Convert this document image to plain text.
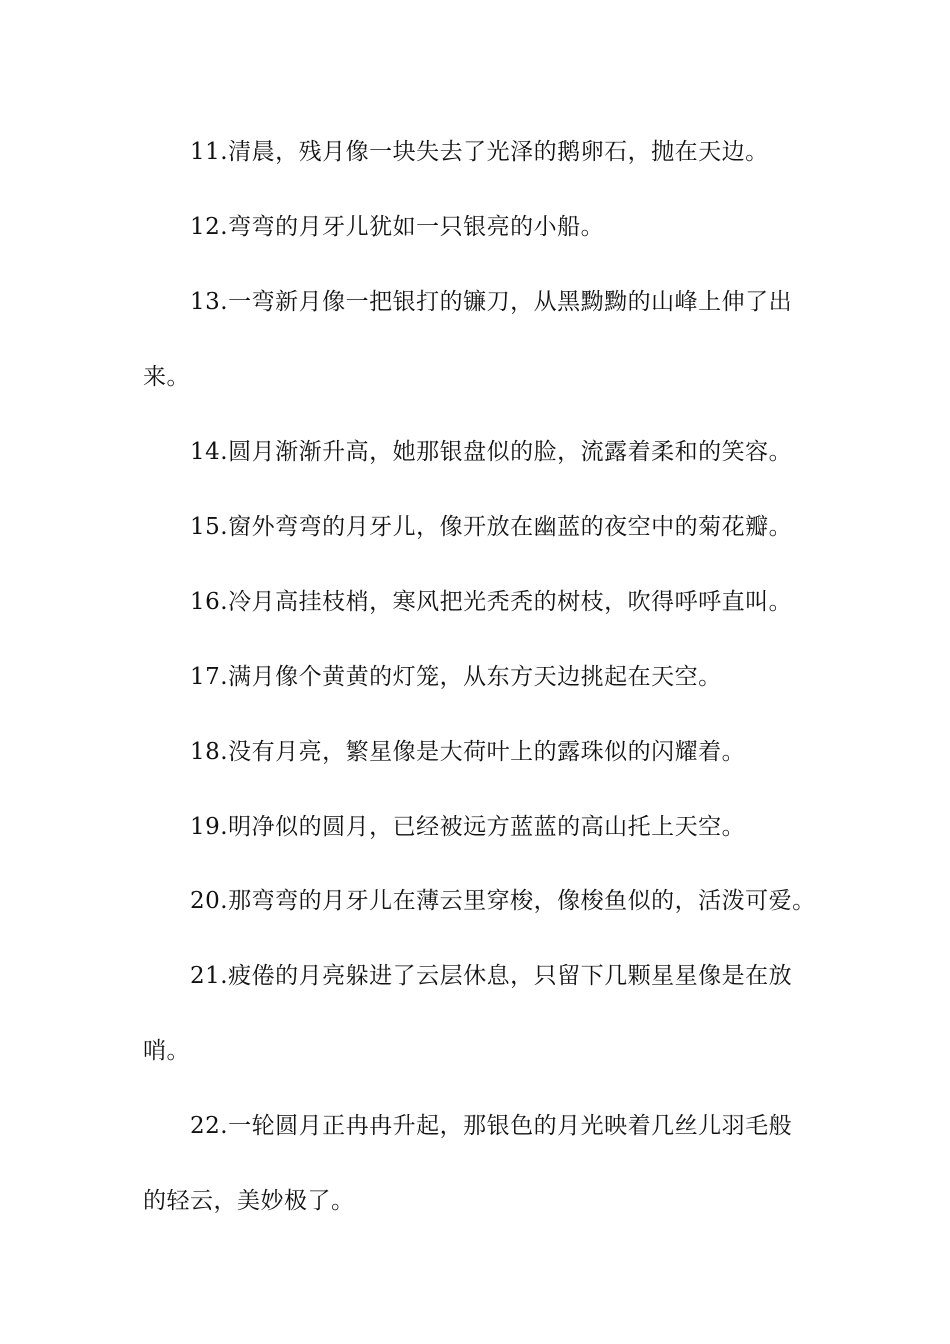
11.清晨，残月像一块失去了光泽的鹅卵石，抛在天边。
12.弯弯的月牙儿犹如一只银亮的小船。
13.一弯新月像一把银打的镰刀，从黑黝黝的山峰上伸了出
来。
14.圆月渐渐升高，她那银盘似的脸，流露着柔和的笑容。
15.窗外弯弯的月牙儿，像开放在幽蓝的夜空中的菊花瓣。
16.冷月高挂枝梢，寒风把光秃秃的树枝，吹得呼呼直叫。
17.满月像个黄黄的灯笼，从东方天边挑起在天空。
18.没有月亮，繁星像是大荷叶上的露珠似的闪耀着。
19.明净似的圆月，已经被远方蓝蓝的高山托上天空。
20.那弯弯的月牙儿在薄云里穿梭，像梭鱼似的，活泼可爱。
21.疲倦的月亮躲进了云层休息，只留下几颗星星像是在放
哨。
22.一轮圆月正冉冉升起，那银色的月光映着几丝儿羽毛般
的轻云，美妙极了。
